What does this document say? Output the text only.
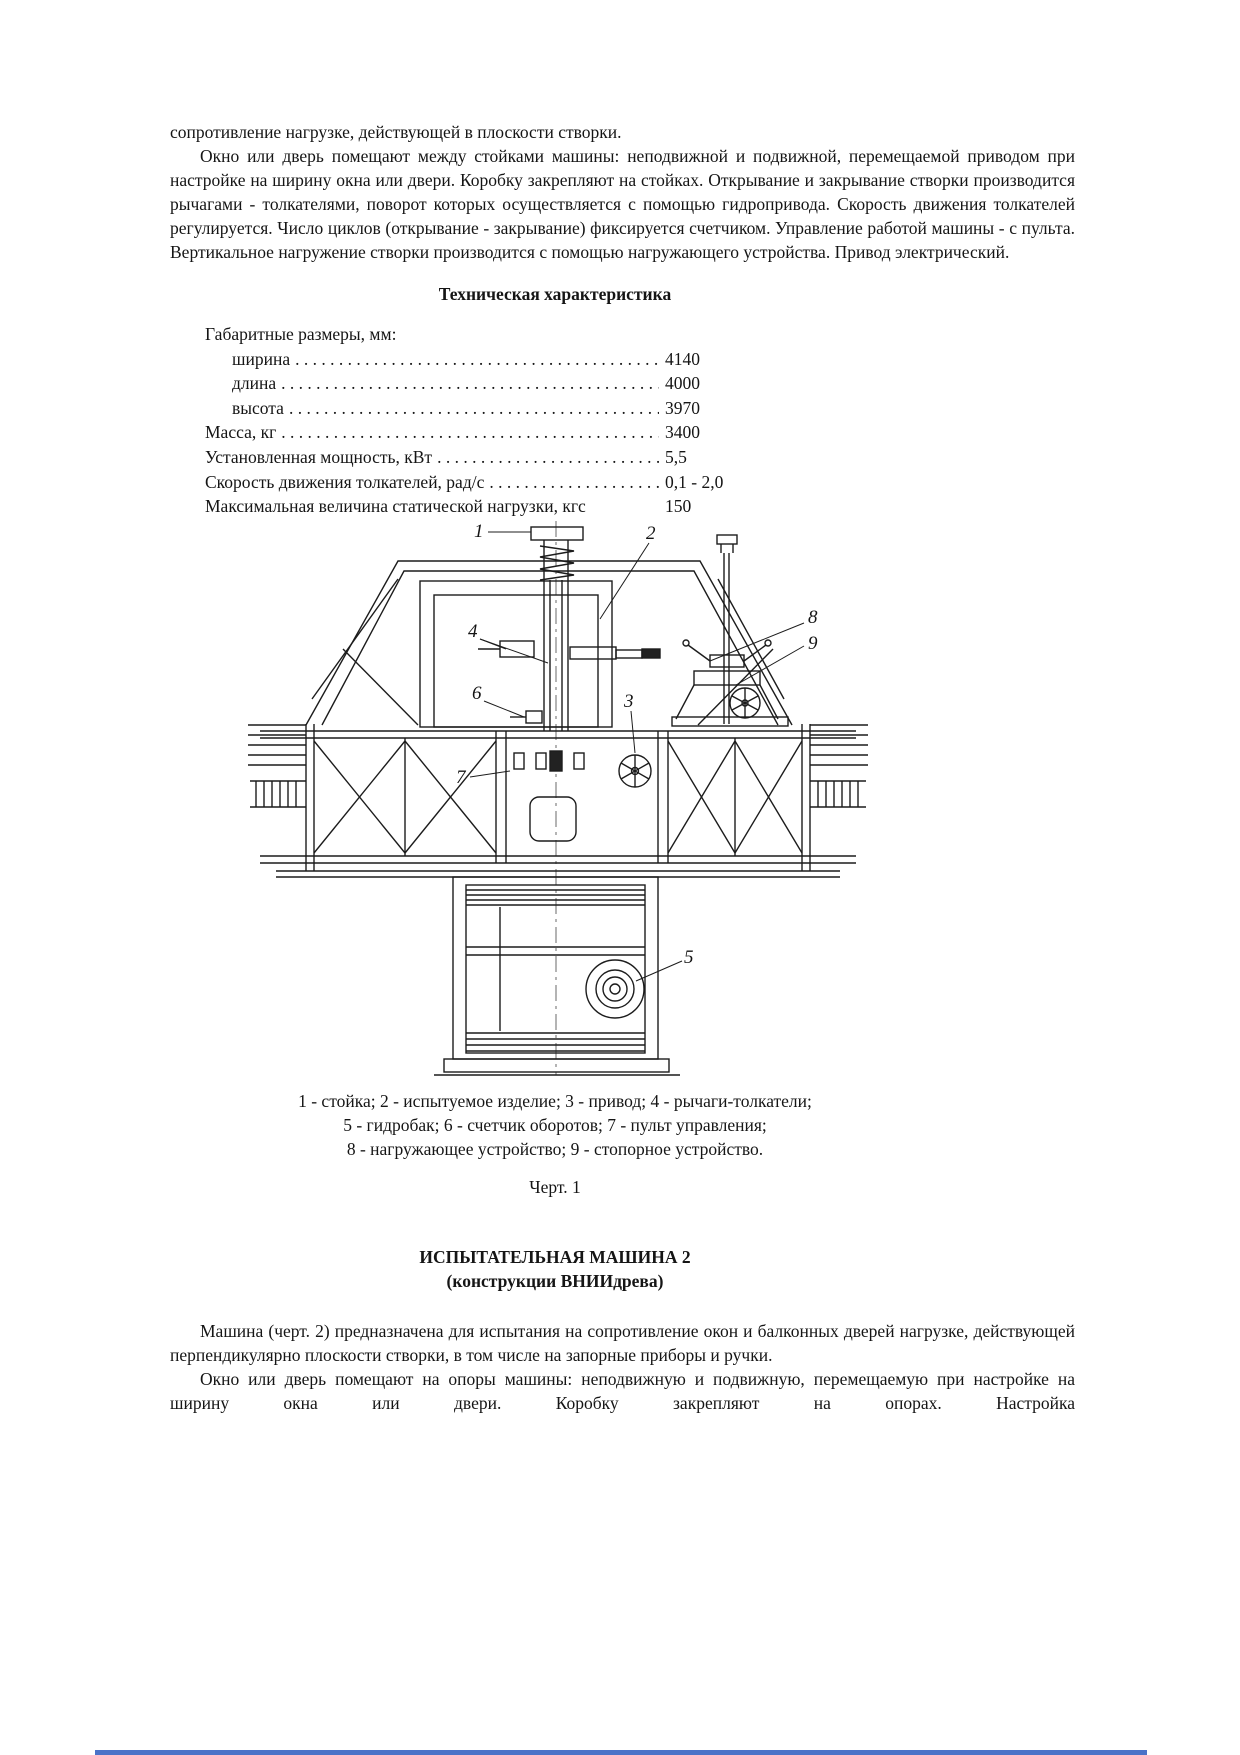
сопротивление нагрузке, действующей в плоскости створки.

Окно или дверь помещают между стойками машины: неподвижной и подвижной, перемещаемой приводом при настройке на ширину окна или двери. Коробку закрепляют на стойках. Открывание и закрывание створки производится рычагами - толкателями, поворот которых осуществляется с помощью гидропривода. Скорость движения толкателей регулируется. Число циклов (открывание - закрывание) фиксируется счетчиком. Управление работой машины - с пульта. Вертикальное нагружение створки производится с помощью нагружающего устройства. Привод электрический.

Техническая характеристика
Габаритные размеры, мм:
ширина . . .	4140
длина . . .	4000
высота . . .	3970
Масса, кг . . .	3400
Установленная мощность, кВт . . .	5,5
Скорость движения толкателей, рад/с . . .	0,1 - 2,0
Максимальная величина статической нагрузки, кгс	150
1	2
4
6	3
7
8
9
5
1 - стойка; 2 - испытуемое изделие; 3 - привод; 4 - рычаги-толкатели;
5 - гидробак; 6 - счетчик оборотов; 7 - пульт управления;
8 - нагружающее устройство; 9 - стопорное устройство.
Черт. 1
ИСПЫТАТЕЛЬНАЯ МАШИНА 2
(конструкции ВНИИдрева)

Машина (черт. 2) предназначена для испытания на сопротивление окон и балконных дверей нагрузке, действующей перпендикулярно плоскости створки, в том числе на запорные приборы и ручки.

Окно или дверь помещают на опоры машины: неподвижную и подвижную, перемещаемую при настройке на ширину окна или двери. Коробку закрепляют на опорах. Настройка
